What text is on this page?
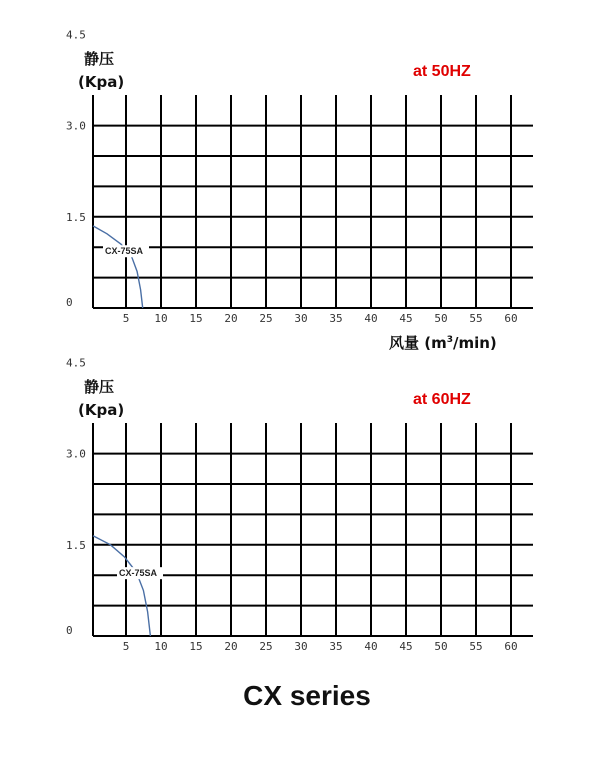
0
1.5
3.0
4.5
5 10 15 20 25 30 35 40 45 50 55 60
静压
(Kpa)
at 50HZ
风量 $(m^3/\min)$
CX-75SA
0
1.5
3.0
4.5
5 10 15 20 25 30 35 40 45 50 55 60
静压
(Kpa)
at 60HZ
CX-75SA
CX series
